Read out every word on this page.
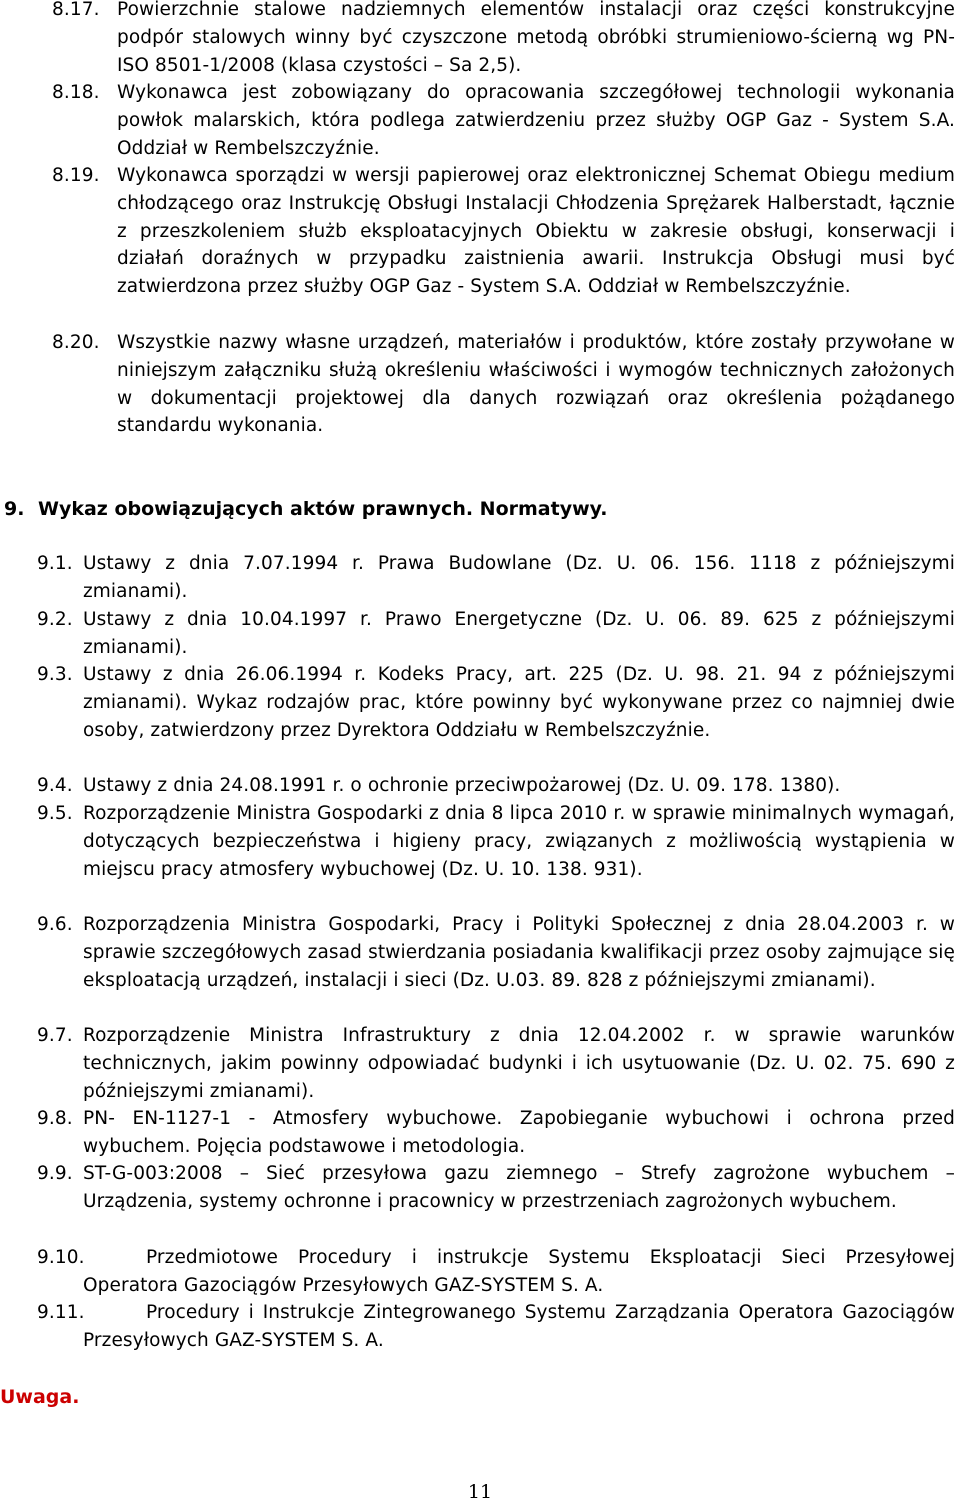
8.17. Powierzchnie stalowe nadziemnych elementów instalacji oraz części konstrukcyjne podpór stalowych winny być czyszczone metodą obróbki strumieniowo-ścierną wg PN-ISO 8501-1/2008 (klasa czystości – Sa 2,5).
8.18. Wykonawca jest zobowiązany do opracowania szczegółowej technologii wykonania powłok malarskich, która podlega zatwierdzeniu przez służby OGP Gaz - System S.A. Oddział w Rembelszczyźnie.
8.19. Wykonawca sporządzi w wersji papierowej oraz elektronicznej Schemat Obiegu medium chłodzącego oraz Instrukcję Obsługi Instalacji Chłodzenia Sprężarek Halberstadt, łącznie z przeszkoleniem służb eksploatacyjnych Obiektu w zakresie obsługi, konserwacji i działań doraźnych w przypadku zaistnienia awarii. Instrukcja Obsługi musi być zatwierdzona przez służby OGP Gaz - System S.A. Oddział w Rembelszczyźnie.
8.20. Wszystkie nazwy własne urządzeń, materiałów i produktów, które zostały przywołane w niniejszym załączniku służą określeniu właściwości i wymogów technicznych założonych w dokumentacji projektowej dla danych rozwiązań oraz określenia pożądanego standardu wykonania.
9. Wykaz obowiązujących aktów prawnych. Normatywy.
9.1. Ustawy z dnia 7.07.1994 r. Prawa Budowlane (Dz. U. 06. 156. 1118 z późniejszymi zmianami).
9.2. Ustawy z dnia 10.04.1997 r. Prawo Energetyczne (Dz. U. 06. 89. 625 z późniejszymi zmianami).
9.3. Ustawy z dnia 26.06.1994 r. Kodeks Pracy, art. 225 (Dz. U. 98. 21. 94 z późniejszymi zmianami). Wykaz rodzajów prac, które powinny być wykonywane przez co najmniej dwie osoby, zatwierdzony przez Dyrektora Oddziału w Rembelszczyźnie.
9.4. Ustawy z dnia 24.08.1991 r. o ochronie przeciwpożarowej (Dz. U. 09. 178. 1380).
9.5. Rozporządzenie Ministra Gospodarki z dnia 8 lipca 2010 r. w sprawie minimalnych wymagań, dotyczących bezpieczeństwa i higieny pracy, związanych z możliwością wystąpienia w miejscu pracy atmosfery wybuchowej (Dz. U. 10. 138. 931).
9.6. Rozporządzenia Ministra Gospodarki, Pracy i Polityki Społecznej z dnia 28.04.2003 r. w sprawie szczegółowych zasad stwierdzania posiadania kwalifikacji przez osoby zajmujące się eksploatacją urządzeń, instalacji i sieci (Dz. U.03. 89. 828 z późniejszymi zmianami).
9.7. Rozporządzenie Ministra Infrastruktury z dnia 12.04.2002 r. w sprawie warunków technicznych, jakim powinny odpowiadać budynki i ich usytuowanie (Dz. U. 02. 75. 690 z późniejszymi zmianami).
9.8. PN- EN-1127-1 - Atmosfery wybuchowe. Zapobieganie wybuchowi i ochrona przed wybuchem. Pojęcia podstawowe i metodologia.
9.9. ST-G-003:2008 – Sieć przesyłowa gazu ziemnego – Strefy zagrożone wybuchem – Urządzenia, systemy ochronne i pracownicy w przestrzeniach zagrożonych wybuchem.
9.10.	Przedmiotowe Procedury i instrukcje Systemu Eksploatacji Sieci Przesyłowej Operatora Gazociągów Przesyłowych GAZ-SYSTEM S. A.
9.11.	Procedury i Instrukcje Zintegrowanego Systemu Zarządzania Operatora Gazociągów Przesyłowych GAZ-SYSTEM S. A.
Uwaga.
11
